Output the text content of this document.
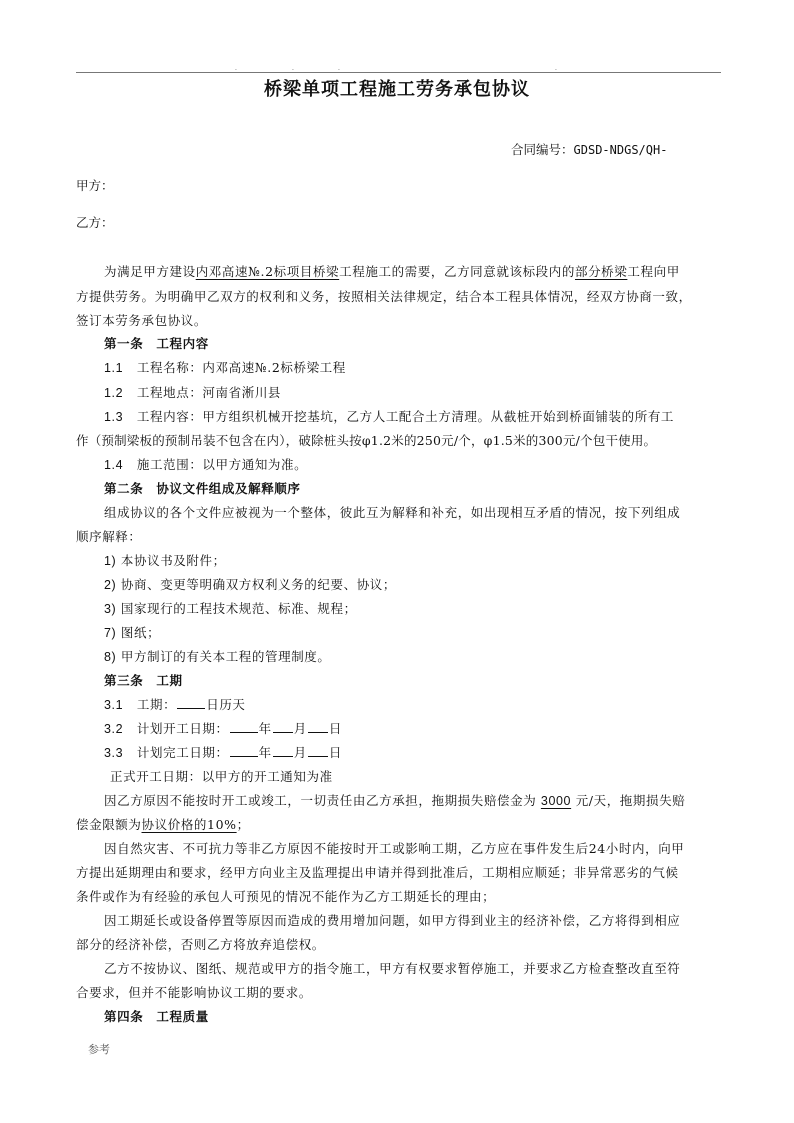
.	.	.	.
桥梁单项工程施工劳务承包协议
合同编号：GDSD-NDGS/QH-
甲方：
乙方：
为满足甲方建设内邓高速№.2标项目桥梁工程施工的需要，乙方同意就该标段内的部分桥梁工程向甲
方提供劳务。为明确甲乙双方的权利和义务，按照相关法律规定，结合本工程具体情况，经双方协商一致，
签订本劳务承包协议。
第一条　工程内容
1.1 工程名称：内邓高速№.2标桥梁工程
1.2 工程地点：河南省淅川县
1.3 工程内容：甲方组织机械开挖基坑，乙方人工配合土方清理。从截桩开始到桥面铺装的所有工
作（预制梁板的预制吊装不包含在内），破除桩头按φ1.2米的250元/个，φ1.5米的300元/个包干使用。
1.4 施工范围：以甲方通知为准。
第二条　协议文件组成及解释顺序
组成协议的各个文件应被视为一个整体，彼此互为解释和补充，如出现相互矛盾的情况，按下列组成
顺序解释：
1) 本协议书及附件；
2) 协商、变更等明确双方权利义务的纪要、协议；
3) 国家现行的工程技术规范、标准、规程；
7) 图纸；
8) 甲方制订的有关本工程的管理制度。
第三条　工期
3.1 工期： 日历天
3.2 计划开工日期： 年 月 日
3.3 计划完工日期： 年 月 日
正式开工日期：以甲方的开工通知为准
因乙方原因不能按时开工或竣工，一切责任由乙方承担，拖期损失赔偿金为 3000 元/天，拖期损失赔
偿金限额为协议价格的10%；
因自然灾害、不可抗力等非乙方原因不能按时开工或影响工期，乙方应在事件发生后24小时内，向甲
方提出延期理由和要求，经甲方向业主及监理提出申请并得到批准后，工期相应顺延；非异常恶劣的气候
条件或作为有经验的承包人可预见的情况不能作为乙方工期延长的理由；
因工期延长或设备停置等原因而造成的费用增加问题，如甲方得到业主的经济补偿，乙方将得到相应
部分的经济补偿，否则乙方将放弃追偿权。
乙方不按协议、图纸、规范或甲方的指令施工，甲方有权要求暂停施工，并要求乙方检查整改直至符
合要求，但并不能影响协议工期的要求。
第四条　工程质量
参考
